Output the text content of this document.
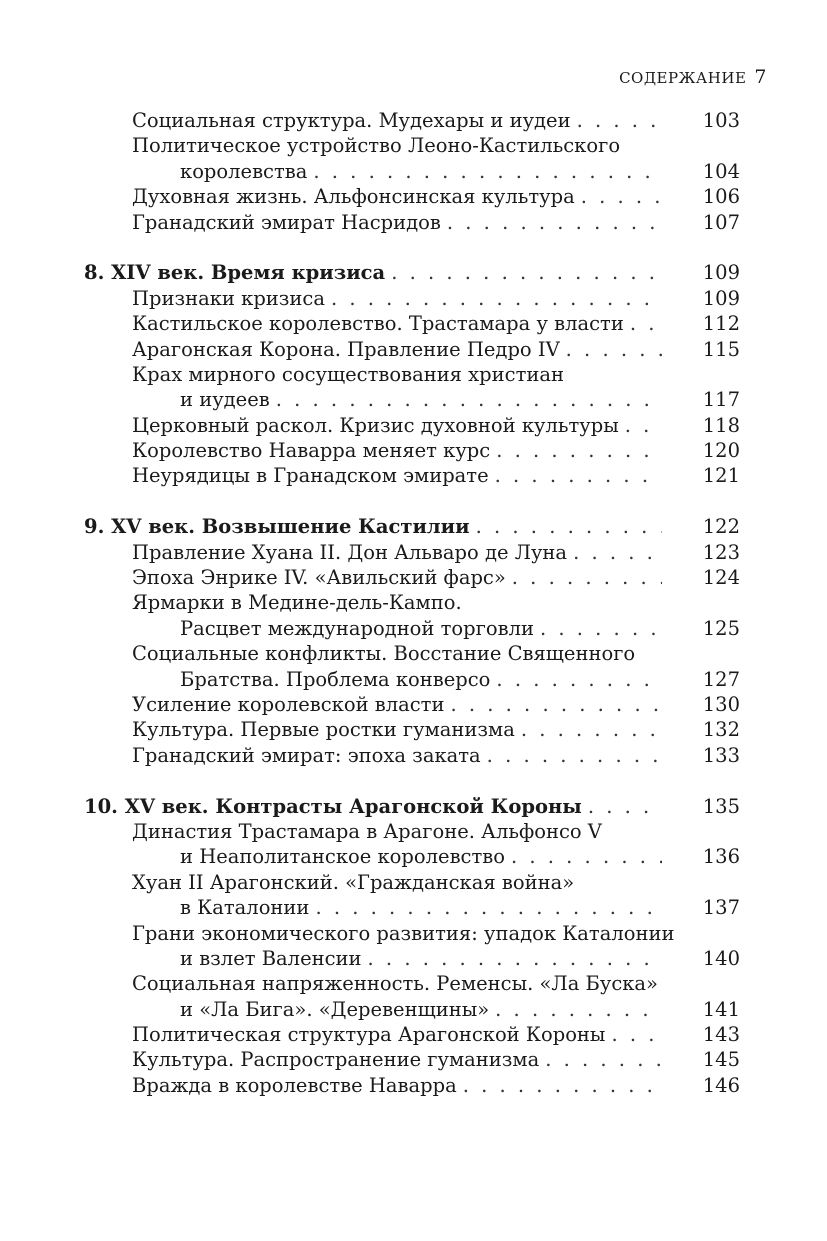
СОДЕРЖАНИЕ 7
Социальная структура. Мудехары и иудеи . . .	103
Политическое устройство Леоно-Кастильского
королевства . . .	104
Духовная жизнь. Альфонсинская культура . . .	106
Гранадский эмират Насридов . . .	107
8. XIV век. Время кризиса . . .	109
Признаки кризиса . . .	109
Кастильское королевство. Трастамара у власти . . .	112
Арагонская Корона. Правление Педро IV . . .	115
Крах мирного сосуществования христиан
и иудеев . . .	117
Церковный раскол. Кризис духовной культуры . . .	118
Королевство Наварра меняет курс . . .	120
Неурядицы в Гранадском эмирате . . .	121
9. XV век. Возвышение Кастилии . . .	122
Правление Хуана II. Дон Альваро де Луна . . .	123
Эпоха Энрике IV. «Авильский фарс» . . .	124
Ярмарки в Медине-дель-Кампо.
Расцвет международной торговли . . .	125
Социальные конфликты. Восстание Священного
Братства. Проблема конверсо . . .	127
Усиление королевской власти . . .	130
Культура. Первые ростки гуманизма . . .	132
Гранадский эмират: эпоха заката . . .	133
10. XV век. Контрасты Арагонской Короны . . .	135
Династия Трастамара в Арагоне. Альфонсо V
и Неаполитанское королевство . . .	136
Хуан II Арагонский. «Гражданская война»
в Каталонии . . .	137
Грани экономического развития: упадок Каталонии
и взлет Валенсии . . .	140
Социальная напряженность. Ременсы. «Ла Буска»
и «Ла Бига». «Деревенщины» . . .	141
Политическая структура Арагонской Короны . . .	143
Культура. Распространение гуманизма . . .	145
Вражда в королевстве Наварра . . .	146
